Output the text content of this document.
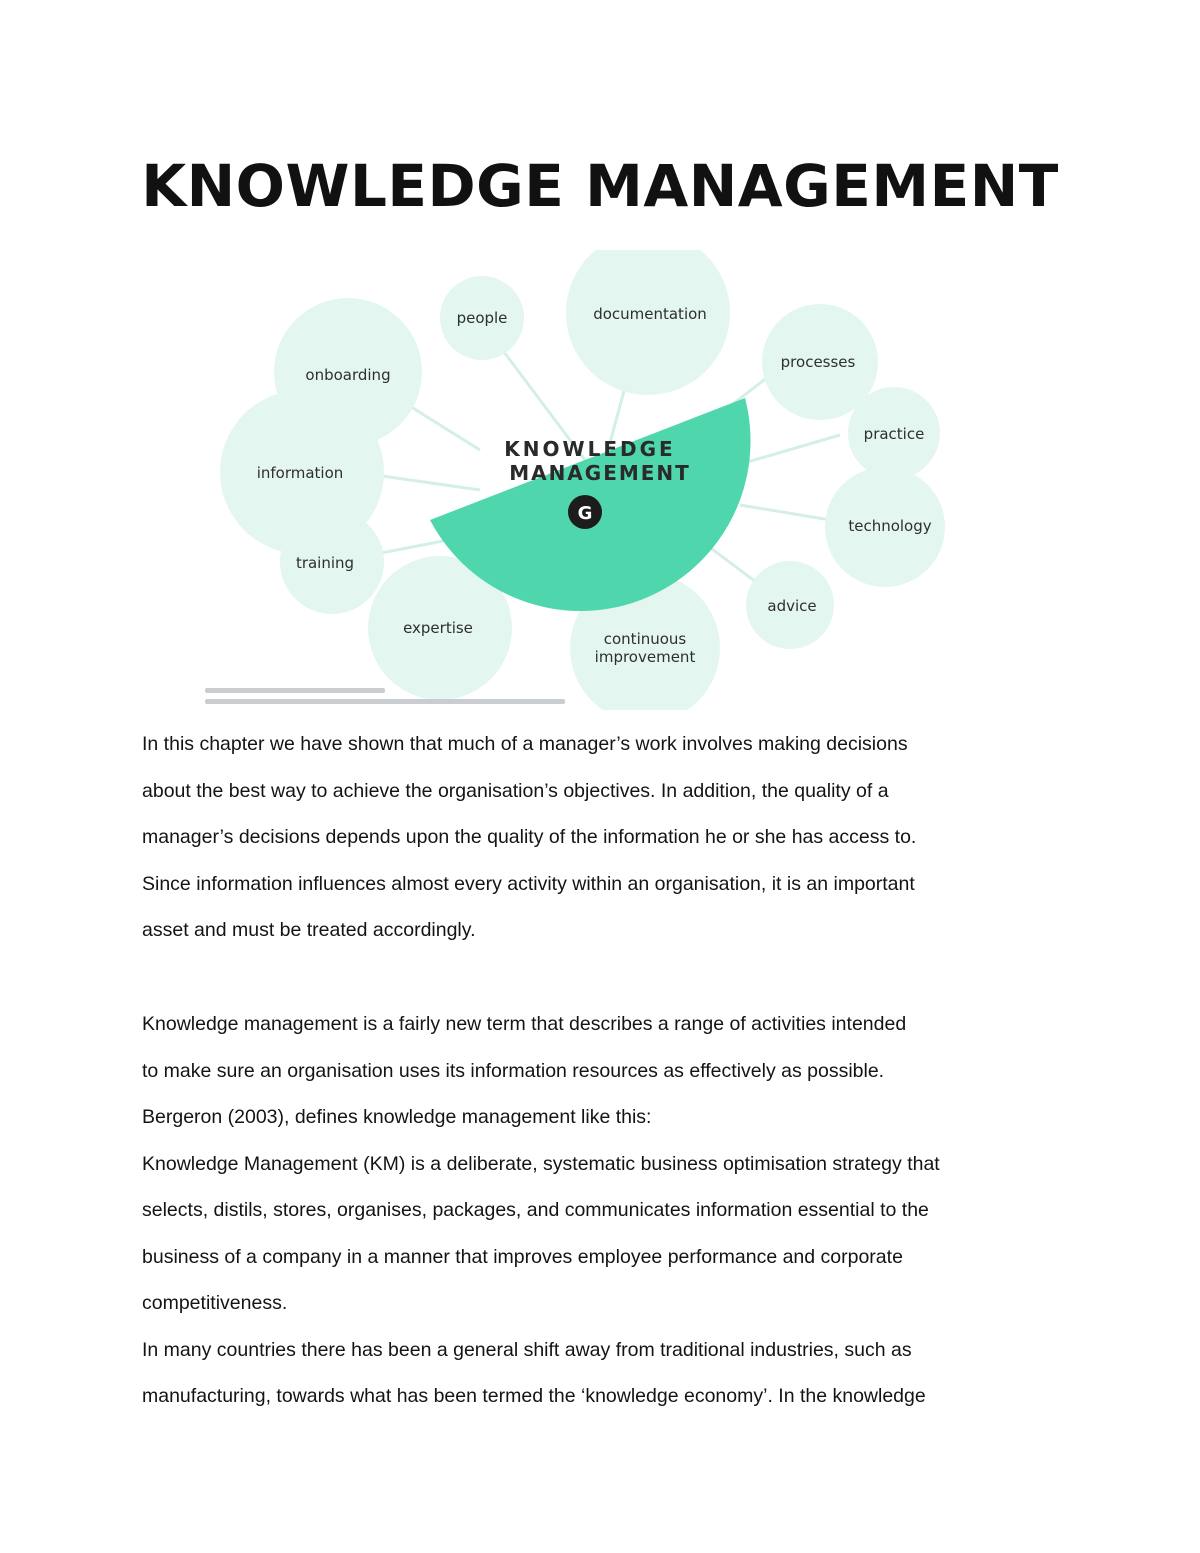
KNOWLEDGE MANAGEMENT
KNOWLEDGE
MANAGEMENT
G
people	documentation
processes
practice
technology
advice
continuous
improvement
expertise
training
information
onboarding
In this chapter we have shown that much of a manager’s work involves making decisions
about the best way to achieve the organisation’s objectives. In addition, the quality of a
manager’s decisions depends upon the quality of the information he or she has access to.
Since information influences almost every activity within an organisation, it is an important
asset and must be treated accordingly.
Knowledge management is a fairly new term that describes a range of activities intended
to make sure an organisation uses its information resources as effectively as possible.
Bergeron (2003), defines knowledge management like this:
Knowledge Management (KM) is a deliberate, systematic business optimisation strategy that
selects, distils, stores, organises, packages, and communicates information essential to the
business of a company in a manner that improves employee performance and corporate
competitiveness.
In many countries there has been a general shift away from traditional industries, such as
manufacturing, towards what has been termed the ‘knowledge economy’. In the knowledge
